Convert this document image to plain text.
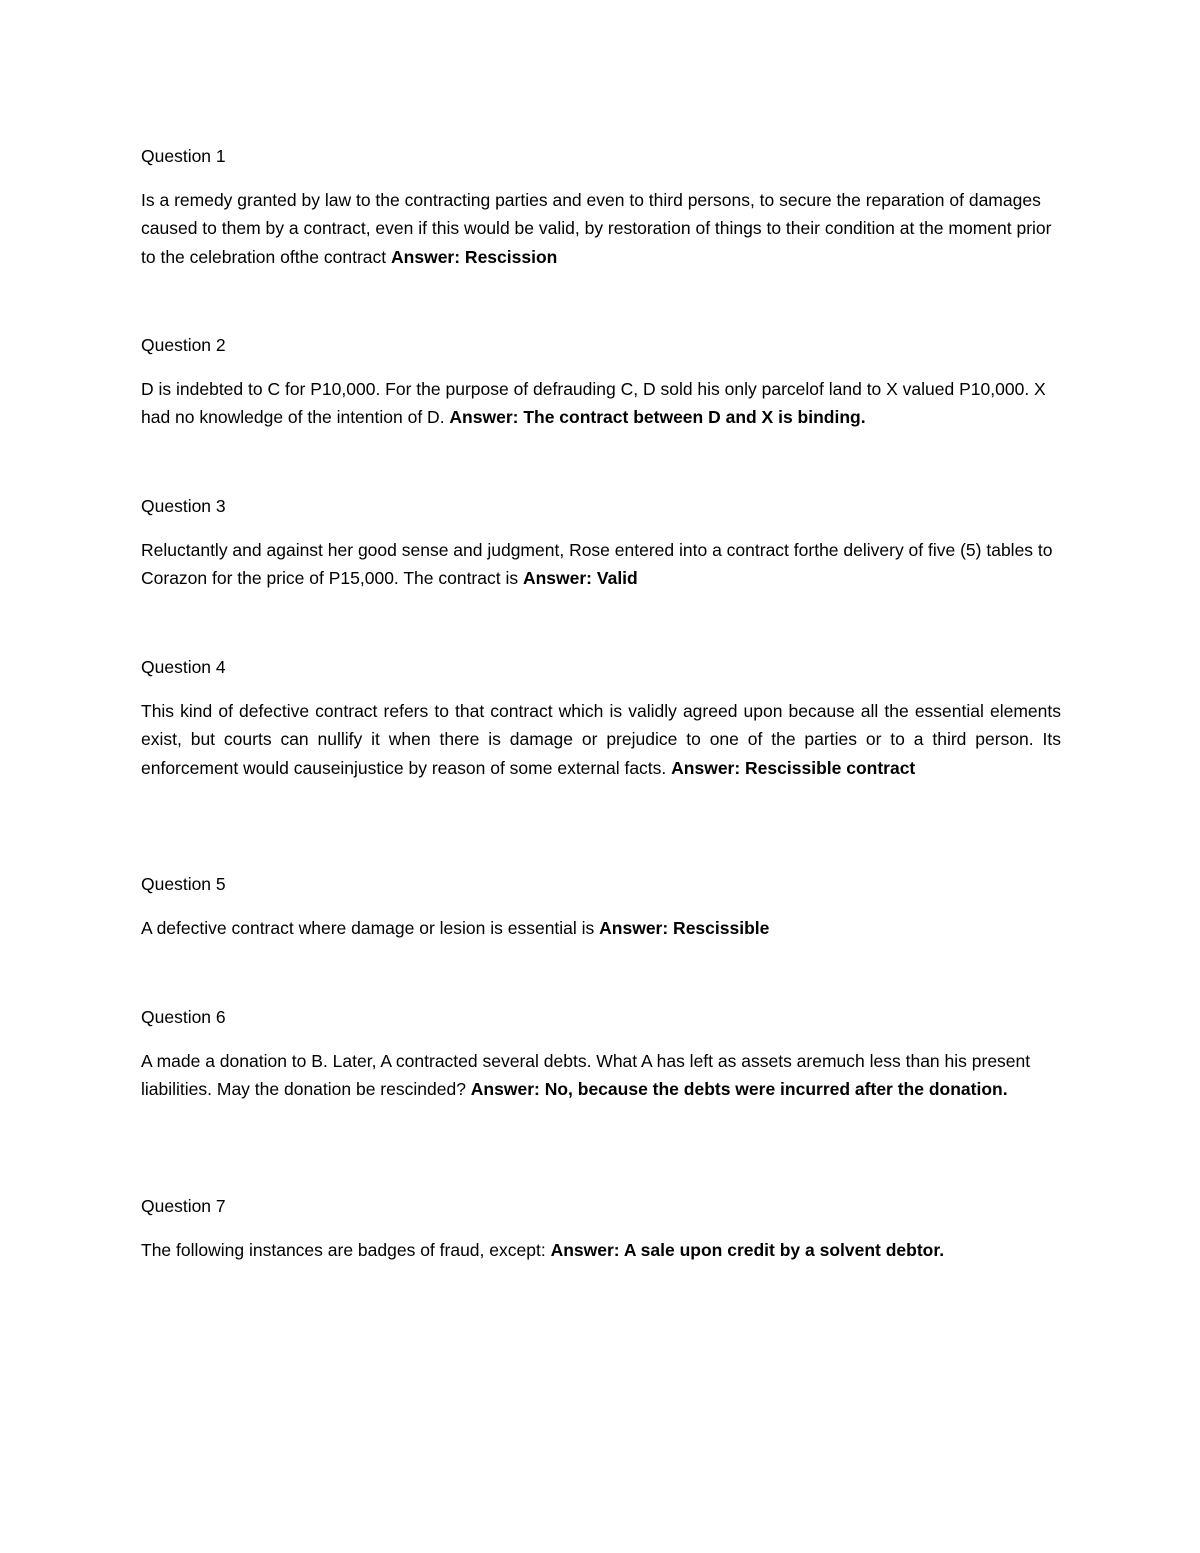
Question 1

Is a remedy granted by law to the contracting parties and even to third persons, to secure the reparation of damages caused to them by a contract, even if this would be valid, by restoration of things to their condition at the moment prior to the celebration ofthe contract Answer: Rescission

Question 2

D is indebted to C for P10,000. For the purpose of defrauding C, D sold his only parcelof land to X valued P10,000. X had no knowledge of the intention of D. Answer: The contract between D and X is binding.

Question 3

Reluctantly and against her good sense and judgment, Rose entered into a contract forthe delivery of five (5) tables to Corazon for the price of P15,000. The contract is Answer: Valid

Question 4

This kind of defective contract refers to that contract which is validly agreed upon because all the essential elements exist, but courts can nullify it when there is damage or prejudice to one of the parties or to a third person. Its enforcement would causeinjustice by reason of some external facts. Answer: Rescissible contract

Question 5

A defective contract where damage or lesion is essential is Answer: Rescissible

Question 6

A made a donation to B. Later, A contracted several debts. What A has left as assets aremuch less than his present liabilities. May the donation be rescinded? Answer: No, because the debts were incurred after the donation.

Question 7

The following instances are badges of fraud, except: Answer: A sale upon credit by a solvent debtor.
